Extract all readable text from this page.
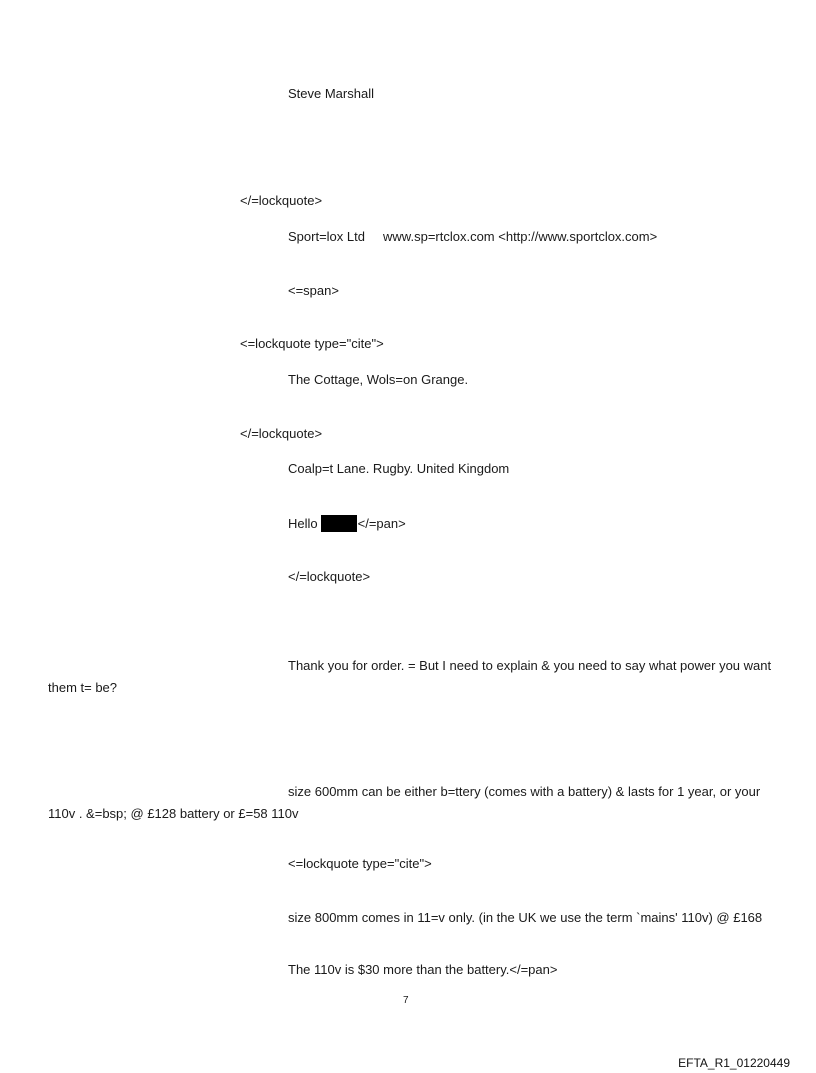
Steve Marshall
</=lockquote>
Sport=lox Ltd     www.sp=rtclox.com <http://www.sportclox.com>
<=span>
<=lockquote type="cite">
The Cottage, Wols=on Grange.
</=lockquote>
Coalp=t Lane. Rugby. United Kingdom
Hello	</=pan>
</=lockquote>
Thank you for order. = But I need to explain & you need to say what power you want them t= be?
size 600mm can be either b=ttery (comes with a battery) & lasts for 1 year, or your 110v . &=bsp; @ £128 battery or £=58 110v
<=lockquote type="cite">
size 800mm comes in 11=v only. (in the UK we use the term `mains' 110v) @ £168
The 110v is $30 more than the battery.</=pan>
7
EFTA_R1_01220449
